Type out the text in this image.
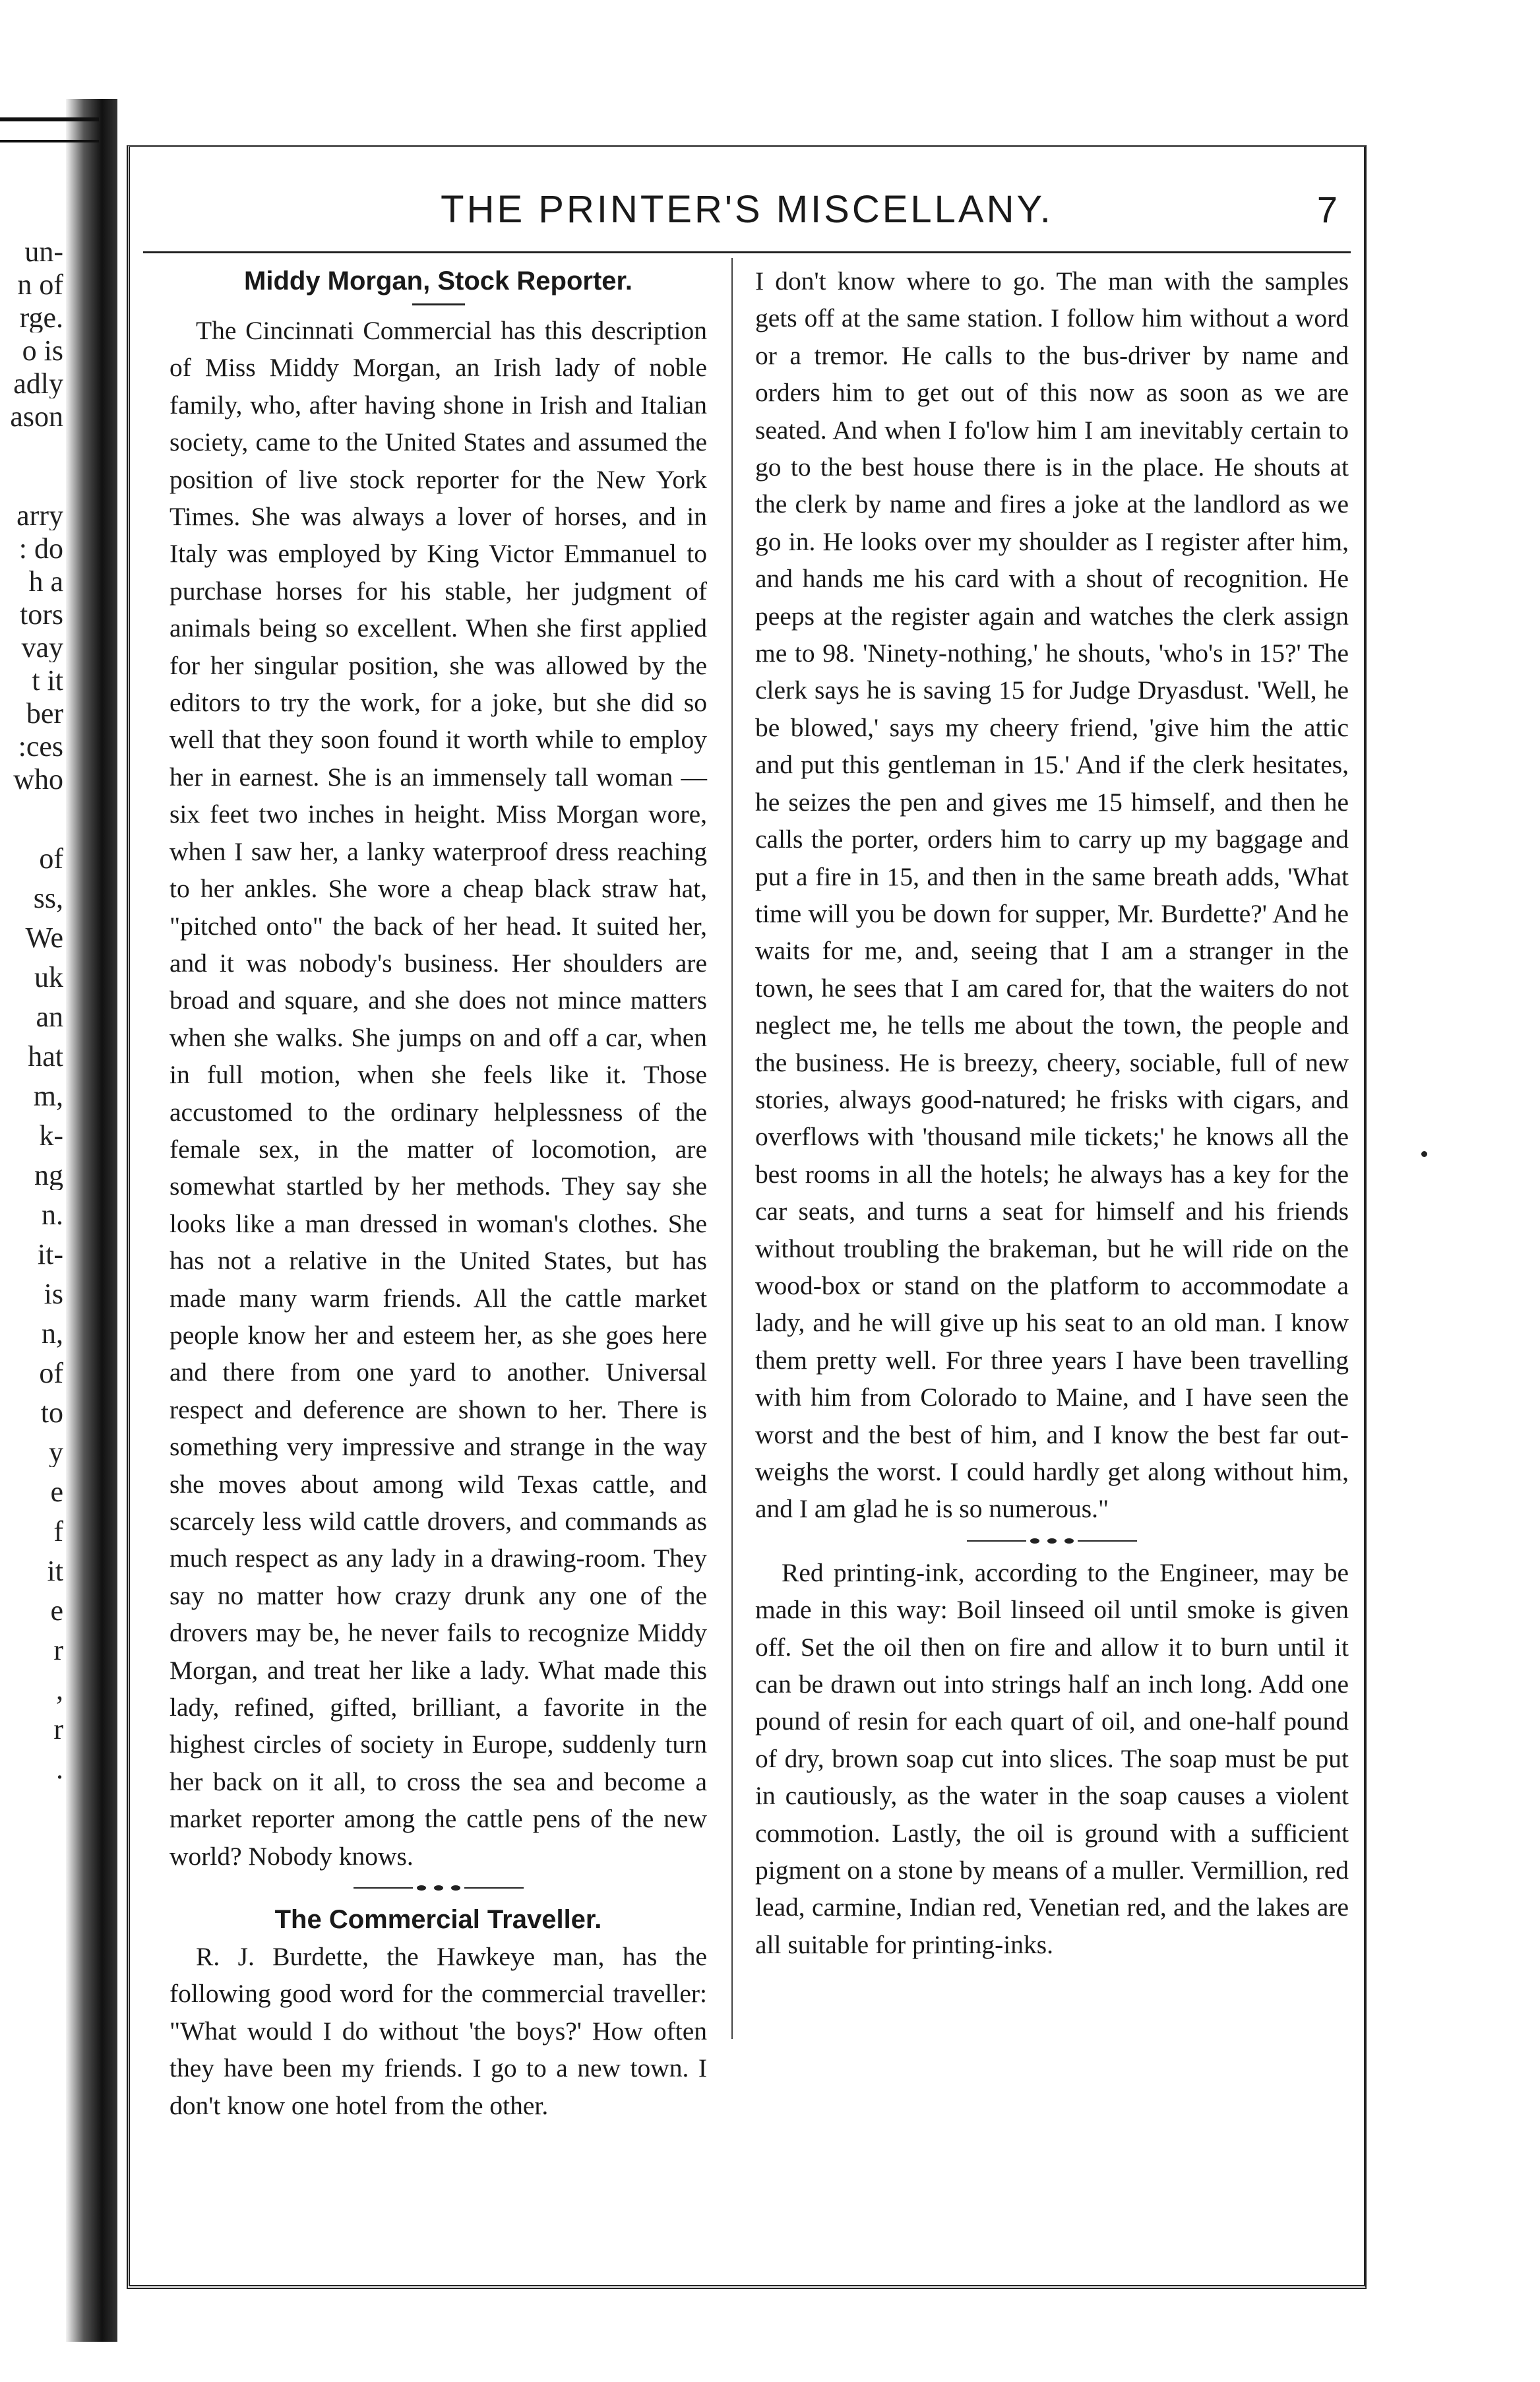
un-
n of
rge.
o is
adly
ason
arry
: do
h a
tors
vay
t it
ber
:ces
who
of
ss,
We
uk
an
hat
m,
k-
ng
n.
it-
is
n,
of
to
y
e
f
it
e
r
,
r
.
THE PRINTER'S MISCELLANY.	7
Middy Morgan, Stock Reporter.

The Cincinnati Commercial has this description of Miss Middy Morgan, an Irish lady of noble family, who, after having shone in Irish and Italian society, came to the United States and assumed the position of live stock reporter for the New York Times. She was always a lover of horses, and in Italy was employed by King Victor Emmanuel to purchase horses for his stable, her judgment of animals being so excellent. When she first applied for her singular position, she was allowed by the editors to try the work, for a joke, but she did so well that they soon found it worth while to employ her in earnest. She is an immensely tall woman —six feet two inches in height. Miss Morgan wore, when I saw her, a lanky waterproof dress reaching to her ankles. She wore a cheap black straw hat, "pitched onto" the back of her head. It suited her, and it was nobody's business. Her shoulders are broad and square, and she does not mince matters when she walks. She jumps on and off a car, when in full motion, when she feels like it. Those accustomed to the ordinary helplessness of the female sex, in the matter of locomotion, are somewhat startled by her methods. They say she looks like a man dressed in woman's clothes. She has not a relative in the United States, but has made many warm friends. All the cattle market people know her and esteem her, as she goes here and there from one yard to another. Universal respect and deference are shown to her. There is something very impressive and strange in the way she moves about among wild Texas cattle, and scarcely less wild cattle drovers, and commands as much respect as any lady in a drawing-room. They say no matter how crazy drunk any one of the drovers may be, he never fails to recognize Middy Morgan, and treat her like a lady. What made this lady, refined, gifted, brilliant, a favorite in the highest circles of society in Europe, suddenly turn her back on it all, to cross the sea and become a market reporter among the cattle pens of the new world? Nobody knows.

The Commercial Traveller.

R. J. Burdette, the Hawkeye man, has the following good word for the commercial traveller: "What would I do without 'the boys?' How often they have been my friends. I go to a new town. I don't know one hotel from the other.

I don't know where to go. The man with the samples gets off at the same station. I follow him without a word or a tremor. He calls to the bus-driver by name and orders him to get out of this now as soon as we are seated. And when I fo'low him I am inevitably certain to go to the best house there is in the place. He shouts at the clerk by name and fires a joke at the landlord as we go in. He looks over my shoulder as I register after him, and hands me his card with a shout of recognition. He peeps at the register again and watches the clerk assign me to 98. 'Ninety-nothing,' he shouts, 'who's in 15?' The clerk says he is saving 15 for Judge Dryasdust. 'Well, he be blowed,' says my cheery friend, 'give him the attic and put this gentleman in 15.' And if the clerk hesitates, he seizes the pen and gives me 15 himself, and then he calls the porter, orders him to carry up my baggage and put a fire in 15, and then in the same breath adds, 'What time will you be down for supper, Mr. Burdette?' And he waits for me, and, seeing that I am a stranger in the town, he sees that I am cared for, that the waiters do not neglect me, he tells me about the town, the people and the business. He is breezy, cheery, sociable, full of new stories, always good-natured; he frisks with cigars, and overflows with 'thousand mile tickets;' he knows all the best rooms in all the hotels; he always has a key for the car seats, and turns a seat for himself and his friends without troubling the brakeman, but he will ride on the wood-box or stand on the platform to accommodate a lady, and he will give up his seat to an old man. I know them pretty well. For three years I have been travelling with him from Colorado to Maine, and I have seen the worst and the best of him, and I know the best far out-weighs the worst. I could hardly get along without him, and I am glad he is so numerous."

Red printing-ink, according to the Engineer, may be made in this way: Boil linseed oil until smoke is given off. Set the oil then on fire and allow it to burn until it can be drawn out into strings half an inch long. Add one pound of resin for each quart of oil, and one-half pound of dry, brown soap cut into slices. The soap must be put in cautiously, as the water in the soap causes a violent commotion. Lastly, the oil is ground with a sufficient pigment on a stone by means of a muller. Vermillion, red lead, carmine, Indian red, Venetian red, and the lakes are all suitable for printing-inks.
